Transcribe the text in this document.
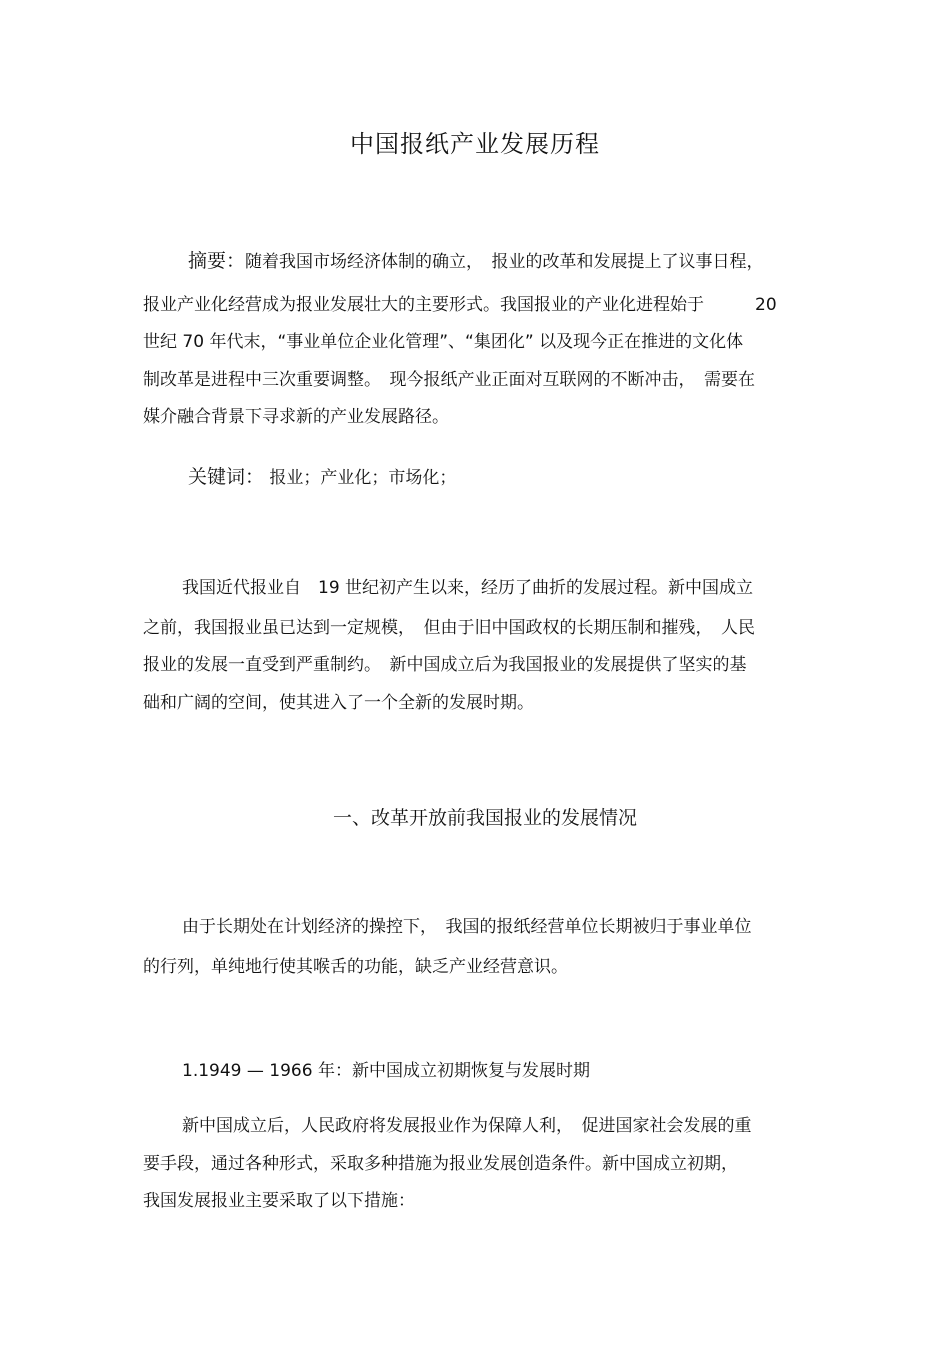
中国报纸产业发展历程
摘要：随着我国市场经济体制的确立，　报业的改革和发展提上了议事日程，
报业产业化经营成为报业发展壮大的主要形式。我国报业的产业化进程始于　　　20
世纪 70 年代末，“事业单位企业化管理”、“集团化” 以及现今正在推进的文化体
制改革是进程中三次重要调整。　现今报纸产业正面对互联网的不断冲击，　需要在
媒介融合背景下寻求新的产业发展路径。
关键词： 报业；产业化；市场化；
我国近代报业自　19 世纪初产生以来，经历了曲折的发展过程。新中国成立
之前，我国报业虽已达到一定规模，　但由于旧中国政权的长期压制和摧残，　人民
报业的发展一直受到严重制约。　新中国成立后为我国报业的发展提供了坚实的基
础和广阔的空间，使其进入了一个全新的发展时期。
一、改革开放前我国报业的发展情况
由于长期处在计划经济的操控下，　我国的报纸经营单位长期被归于事业单位
的行列，单纯地行使其喉舌的功能，缺乏产业经营意识。
1.1949 — 1966 年：新中国成立初期恢复与发展时期
新中国成立后，人民政府将发展报业作为保障人利，　促进国家社会发展的重
要手段，通过各种形式，采取多种措施为报业发展创造条件。新中国成立初期，
我国发展报业主要采取了以下措施：
